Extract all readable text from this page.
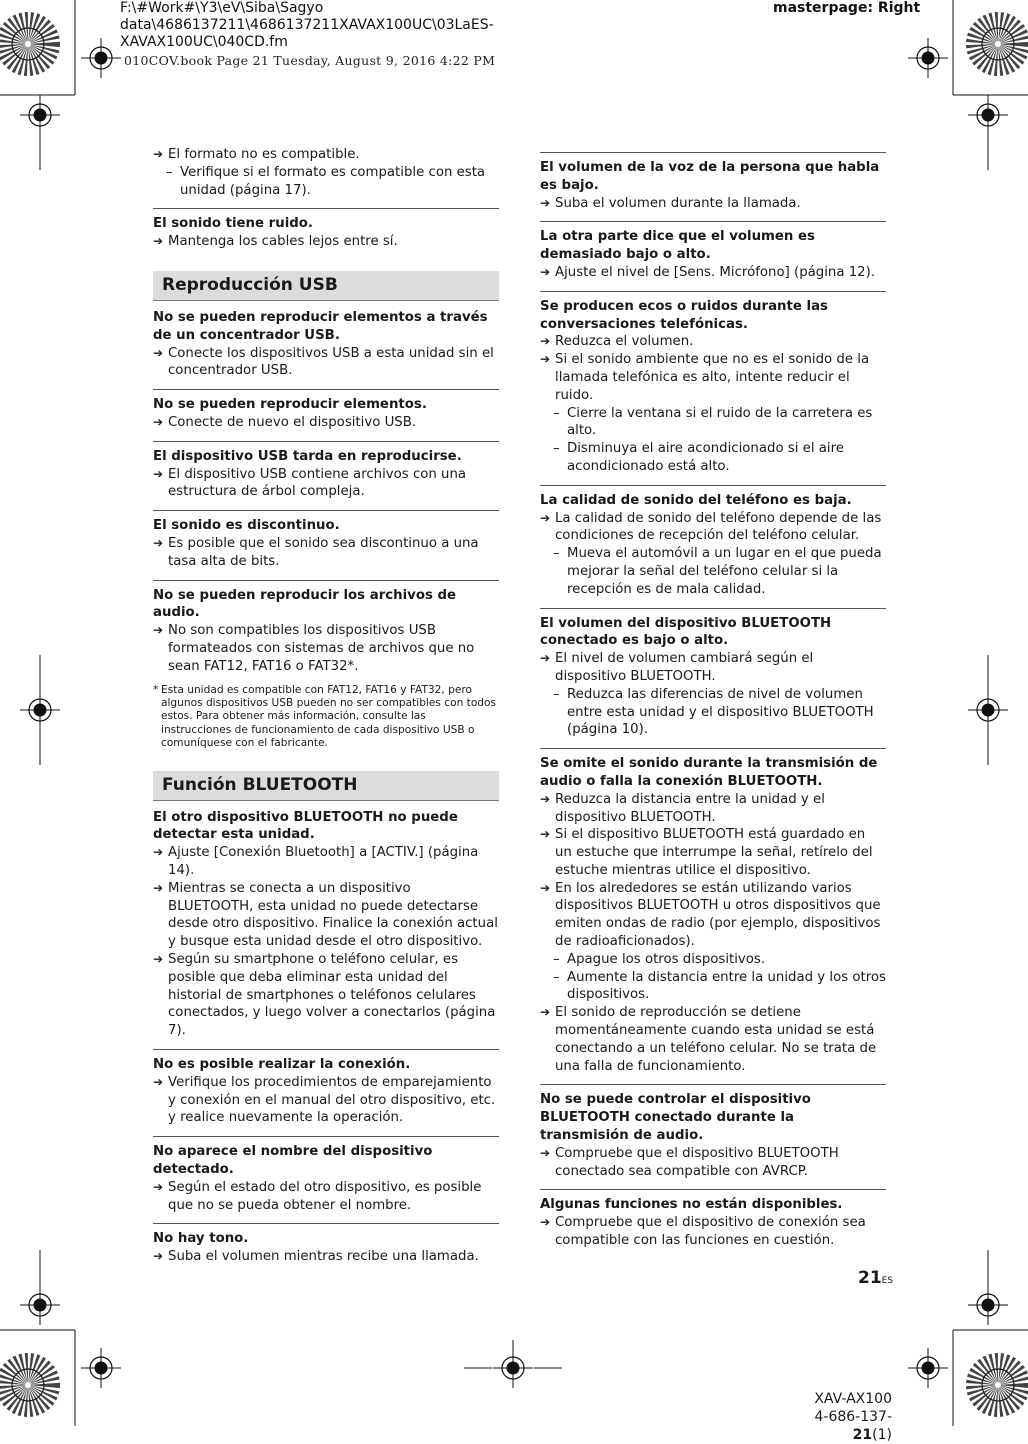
F:\#Work#\Y3\eV\Siba\Sagyo data\4686137211\4686137211XAVAX100UC\03LaES-
XAVAX100UC\040CD.fm
masterpage: Right
010COV.book Page 21 Tuesday, August 9, 2016 4:22 PM
➔ El formato no es compatible.
– Verifique si el formato es compatible con esta unidad (página 17).
El sonido tiene ruido.
➔ Mantenga los cables lejos entre sí.
Reproducción USB
No se pueden reproducir elementos a través de un concentrador USB.
➔ Conecte los dispositivos USB a esta unidad sin el concentrador USB.
No se pueden reproducir elementos.
➔ Conecte de nuevo el dispositivo USB.
El dispositivo USB tarda en reproducirse.
➔ El dispositivo USB contiene archivos con una estructura de árbol compleja.
El sonido es discontinuo.
➔ Es posible que el sonido sea discontinuo a una tasa alta de bits.
No se pueden reproducir los archivos de audio.
➔ No son compatibles los dispositivos USB formateados con sistemas de archivos que no sean FAT12, FAT16 o FAT32*.
* Esta unidad es compatible con FAT12, FAT16 y FAT32, pero algunos dispositivos USB pueden no ser compatibles con todos estos. Para obtener más información, consulte las instrucciones de funcionamiento de cada dispositivo USB o comuníquese con el fabricante.
Función BLUETOOTH
El otro dispositivo BLUETOOTH no puede detectar esta unidad.
➔ Ajuste [Conexión Bluetooth] a [ACTIV.] (página 14).
➔ Mientras se conecta a un dispositivo BLUETOOTH, esta unidad no puede detectarse desde otro dispositivo. Finalice la conexión actual y busque esta unidad desde el otro dispositivo.
➔ Según su smartphone o teléfono celular, es posible que deba eliminar esta unidad del historial de smartphones o teléfonos celulares conectados, y luego volver a conectarlos (página 7).
No es posible realizar la conexión.
➔ Verifique los procedimientos de emparejamiento y conexión en el manual del otro dispositivo, etc. y realice nuevamente la operación.
No aparece el nombre del dispositivo detectado.
➔ Según el estado del otro dispositivo, es posible que no se pueda obtener el nombre.
No hay tono.
➔ Suba el volumen mientras recibe una llamada.
El volumen de la voz de la persona que habla es bajo.
➔ Suba el volumen durante la llamada.
La otra parte dice que el volumen es demasiado bajo o alto.
➔ Ajuste el nivel de [Sens. Micrófono] (página 12).
Se producen ecos o ruidos durante las conversaciones telefónicas.
➔ Reduzca el volumen.
➔ Si el sonido ambiente que no es el sonido de la llamada telefónica es alto, intente reducir el ruido.
– Cierre la ventana si el ruido de la carretera es alto.
– Disminuya el aire acondicionado si el aire acondicionado está alto.
La calidad de sonido del teléfono es baja.
➔ La calidad de sonido del teléfono depende de las condiciones de recepción del teléfono celular.
– Mueva el automóvil a un lugar en el que pueda mejorar la señal del teléfono celular si la recepción es de mala calidad.
El volumen del dispositivo BLUETOOTH conectado es bajo o alto.
➔ El nivel de volumen cambiará según el dispositivo BLUETOOTH.
– Reduzca las diferencias de nivel de volumen entre esta unidad y el dispositivo BLUETOOTH (página 10).
Se omite el sonido durante la transmisión de audio o falla la conexión BLUETOOTH.
➔ Reduzca la distancia entre la unidad y el dispositivo BLUETOOTH.
➔ Si el dispositivo BLUETOOTH está guardado en un estuche que interrumpe la señal, retírelo del estuche mientras utilice el dispositivo.
➔ En los alrededores se están utilizando varios dispositivos BLUETOOTH u otros dispositivos que emiten ondas de radio (por ejemplo, dispositivos de radioaficionados).
– Apague los otros dispositivos.
– Aumente la distancia entre la unidad y los otros dispositivos.
➔ El sonido de reproducción se detiene momentáneamente cuando esta unidad se está conectando a un teléfono celular. No se trata de una falla de funcionamiento.
No se puede controlar el dispositivo BLUETOOTH conectado durante la transmisión de audio.
➔ Compruebe que el dispositivo BLUETOOTH conectado sea compatible con AVRCP.
Algunas funciones no están disponibles.
➔ Compruebe que el dispositivo de conexión sea compatible con las funciones en cuestión.
21ES
XAV-AX100
4-686-137-21(1)
